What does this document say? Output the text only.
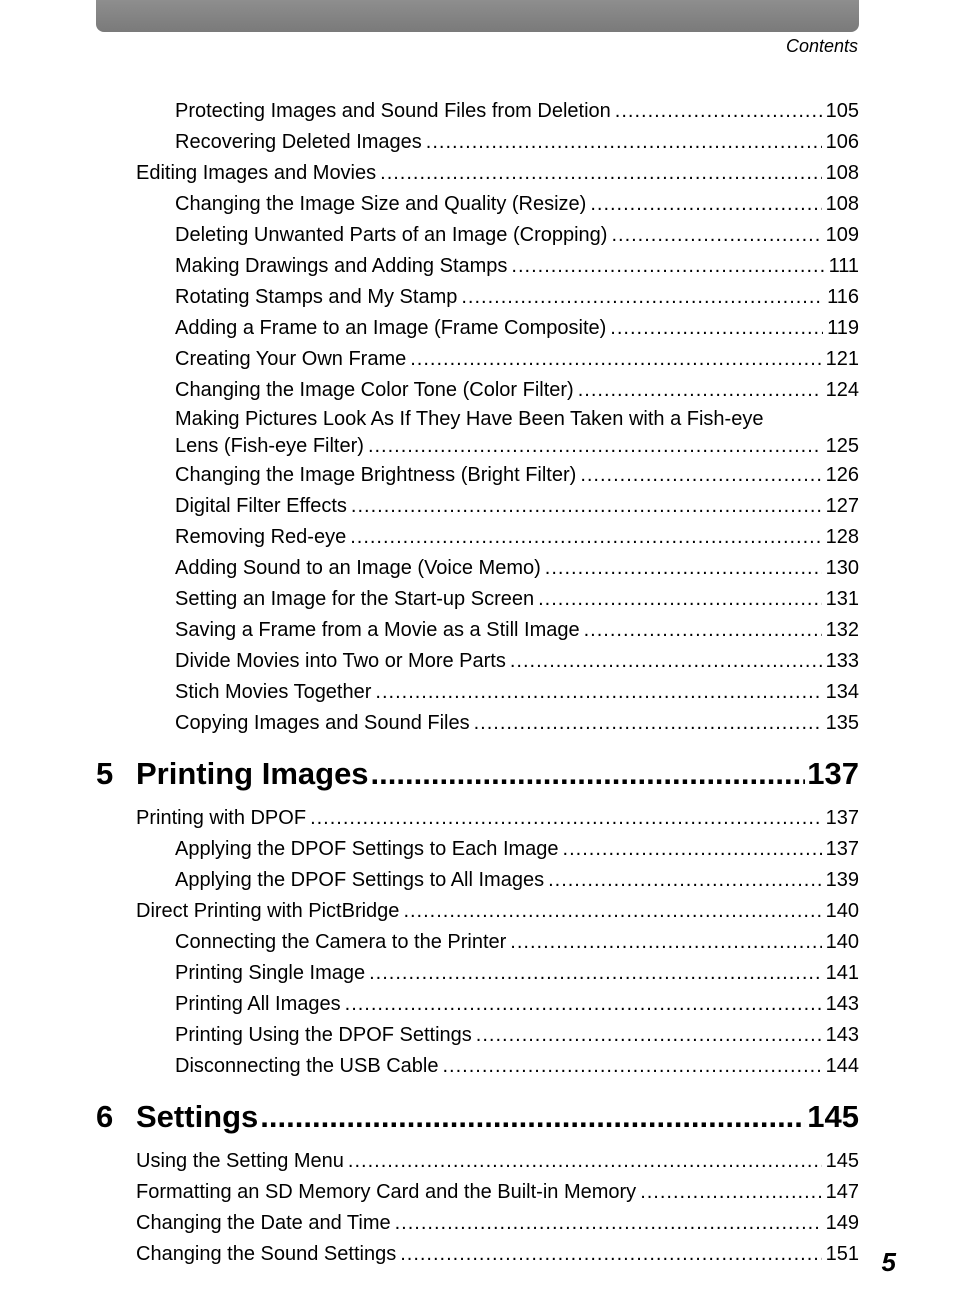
Contents
Protecting Images and Sound Files from Deletion .....	105
Recovering Deleted Images .....	106
Editing Images and Movies .....	108
Changing the Image Size and Quality (Resize) .....	108
Deleting Unwanted Parts of an Image (Cropping) .....	109
Making Drawings and Adding Stamps .....	111
Rotating Stamps and My Stamp .....	116
Adding a Frame to an Image (Frame Composite) .....	119
Creating Your Own Frame .....	121
Changing the Image Color Tone (Color Filter) .....	124
Making Pictures Look As If They Have Been Taken with a Fish-eye
Lens (Fish-eye Filter) .....	125
Changing the Image Brightness (Bright Filter) .....	126
Digital Filter Effects .....	127
Removing Red-eye .....	128
Adding Sound to an Image (Voice Memo) .....	130
Setting an Image for the Start-up Screen .....	131
Saving a Frame from a Movie as a Still Image .....	132
Divide Movies into Two or More Parts .....	133
Stich Movies Together .....	134
Copying Images and Sound Files .....	135
5 Printing Images .....	137
Printing with DPOF .....	137
Applying the DPOF Settings to Each Image .....	137
Applying the DPOF Settings to All Images .....	139
Direct Printing with PictBridge .....	140
Connecting the Camera to the Printer .....	140
Printing Single Image .....	141
Printing All Images .....	143
Printing Using the DPOF Settings .....	143
Disconnecting the USB Cable .....	144
6 Settings .....	145
Using the Setting Menu .....	145
Formatting an SD Memory Card and the Built-in Memory .....	147
Changing the Date and Time .....	149
Changing the Sound Settings .....	151 5
